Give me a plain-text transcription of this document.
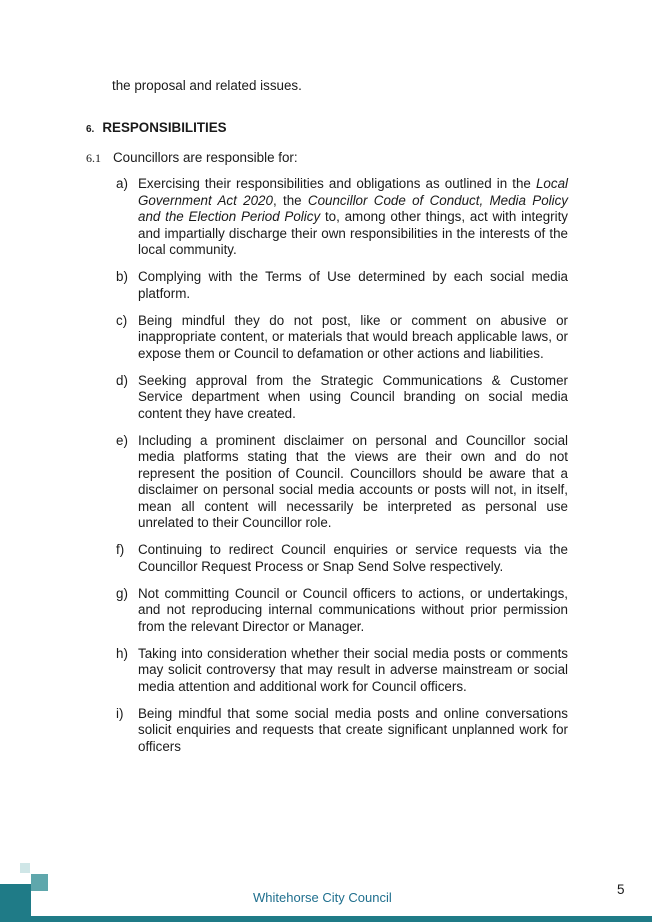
the proposal and related issues.
6. RESPONSIBILITIES
6.1 Councillors are responsible for:
a) Exercising their responsibilities and obligations as outlined in the Local Government Act 2020, the Councillor Code of Conduct, Media Policy and the Election Period Policy to, among other things, act with integrity and impartially discharge their own responsibilities in the interests of the local community.
b) Complying with the Terms of Use determined by each social media platform.
c) Being mindful they do not post, like or comment on abusive or inappropriate content, or materials that would breach applicable laws, or expose them or Council to defamation or other actions and liabilities.
d) Seeking approval from the Strategic Communications & Customer Service department when using Council branding on social media content they have created.
e) Including a prominent disclaimer on personal and Councillor social media platforms stating that the views are their own and do not represent the position of Council. Councillors should be aware that a disclaimer on personal social media accounts or posts will not, in itself, mean all content will necessarily be interpreted as personal use unrelated to their Councillor role.
f)	Continuing to redirect Council enquiries or service requests via the Councillor Request Process or Snap Send Solve respectively.
g) Not committing Council or Council officers to actions, or undertakings, and not reproducing internal communications without prior permission from the relevant Director or Manager.
h) Taking into consideration whether their social media posts or comments may solicit controversy that may result in adverse mainstream or social media attention and additional work for Council officers.
i)	Being mindful that some social media posts and online conversations solicit enquiries and requests that create significant unplanned work for officers
Whitehorse City Council
5
